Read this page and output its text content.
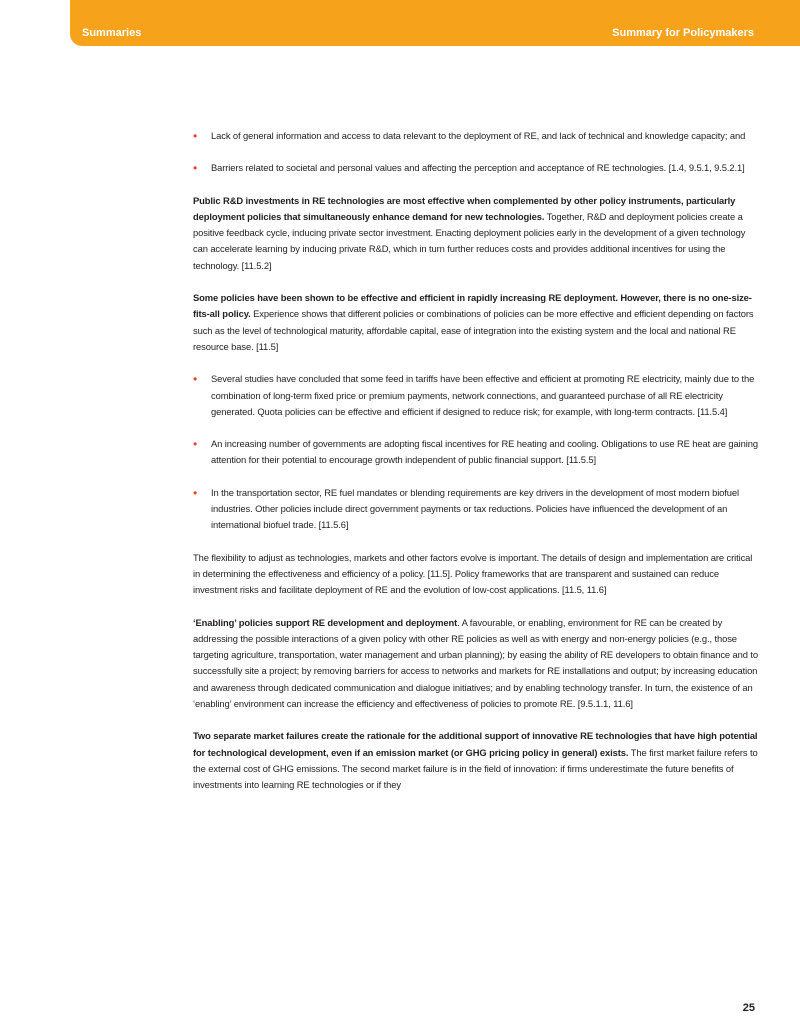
Summaries	Summary for Policymakers
• Lack of general information and access to data relevant to the deployment of RE, and lack of technical and knowledge capacity; and
• Barriers related to societal and personal values and affecting the perception and acceptance of RE technologies. [1.4, 9.5.1, 9.5.2.1]

Public R&D investments in RE technologies are most effective when complemented by other policy instruments, particularly deployment policies that simultaneously enhance demand for new technologies. Together, R&D and deployment policies create a positive feedback cycle, inducing private sector investment. Enacting deployment policies early in the development of a given technology can accelerate learning by inducing private R&D, which in turn further reduces costs and provides additional incentives for using the technology. [11.5.2]

Some policies have been shown to be effective and efficient in rapidly increasing RE deployment. However, there is no one-size-fits-all policy. Experience shows that different policies or combinations of policies can be more effective and efficient depending on factors such as the level of technological maturity, affordable capital, ease of integration into the existing system and the local and national RE resource base. [11.5]

• Several studies have concluded that some feed in tariffs have been effective and efficient at promoting RE electricity, mainly due to the combination of long-term fixed price or premium payments, network connections, and guaranteed purchase of all RE electricity generated. Quota policies can be effective and efficient if designed to reduce risk; for example, with long-term contracts. [11.5.4]
• An increasing number of governments are adopting fiscal incentives for RE heating and cooling. Obligations to use RE heat are gaining attention for their potential to encourage growth independent of public financial support. [11.5.5]
• In the transportation sector, RE fuel mandates or blending requirements are key drivers in the development of most modern biofuel industries. Other policies include direct government payments or tax reductions. Policies have influenced the development of an international biofuel trade. [11.5.6]

The flexibility to adjust as technologies, markets and other factors evolve is important. The details of design and implementation are critical in determining the effectiveness and efficiency of a policy. [11.5]. Policy frameworks that are transparent and sustained can reduce investment risks and facilitate deployment of RE and the evolution of low-cost applications. [11.5, 11.6]

‘Enabling’ policies support RE development and deployment. A favourable, or enabling, environment for RE can be created by addressing the possible interactions of a given policy with other RE policies as well as with energy and non-energy policies (e.g., those targeting agriculture, transportation, water management and urban planning); by easing the ability of RE developers to obtain finance and to successfully site a project; by removing barriers for access to networks and markets for RE installations and output; by increasing education and awareness through dedicated communication and dialogue initiatives; and by enabling technology transfer. In turn, the existence of an ‘enabling’ environment can increase the efficiency and effectiveness of policies to promote RE. [9.5.1.1, 11.6]

Two separate market failures create the rationale for the additional support of innovative RE technologies that have high potential for technological development, even if an emission market (or GHG pricing policy in general) exists. The first market failure refers to the external cost of GHG emissions. The second market failure is in the field of innovation: if firms underestimate the future benefits of investments into learning RE technologies or if they

25
